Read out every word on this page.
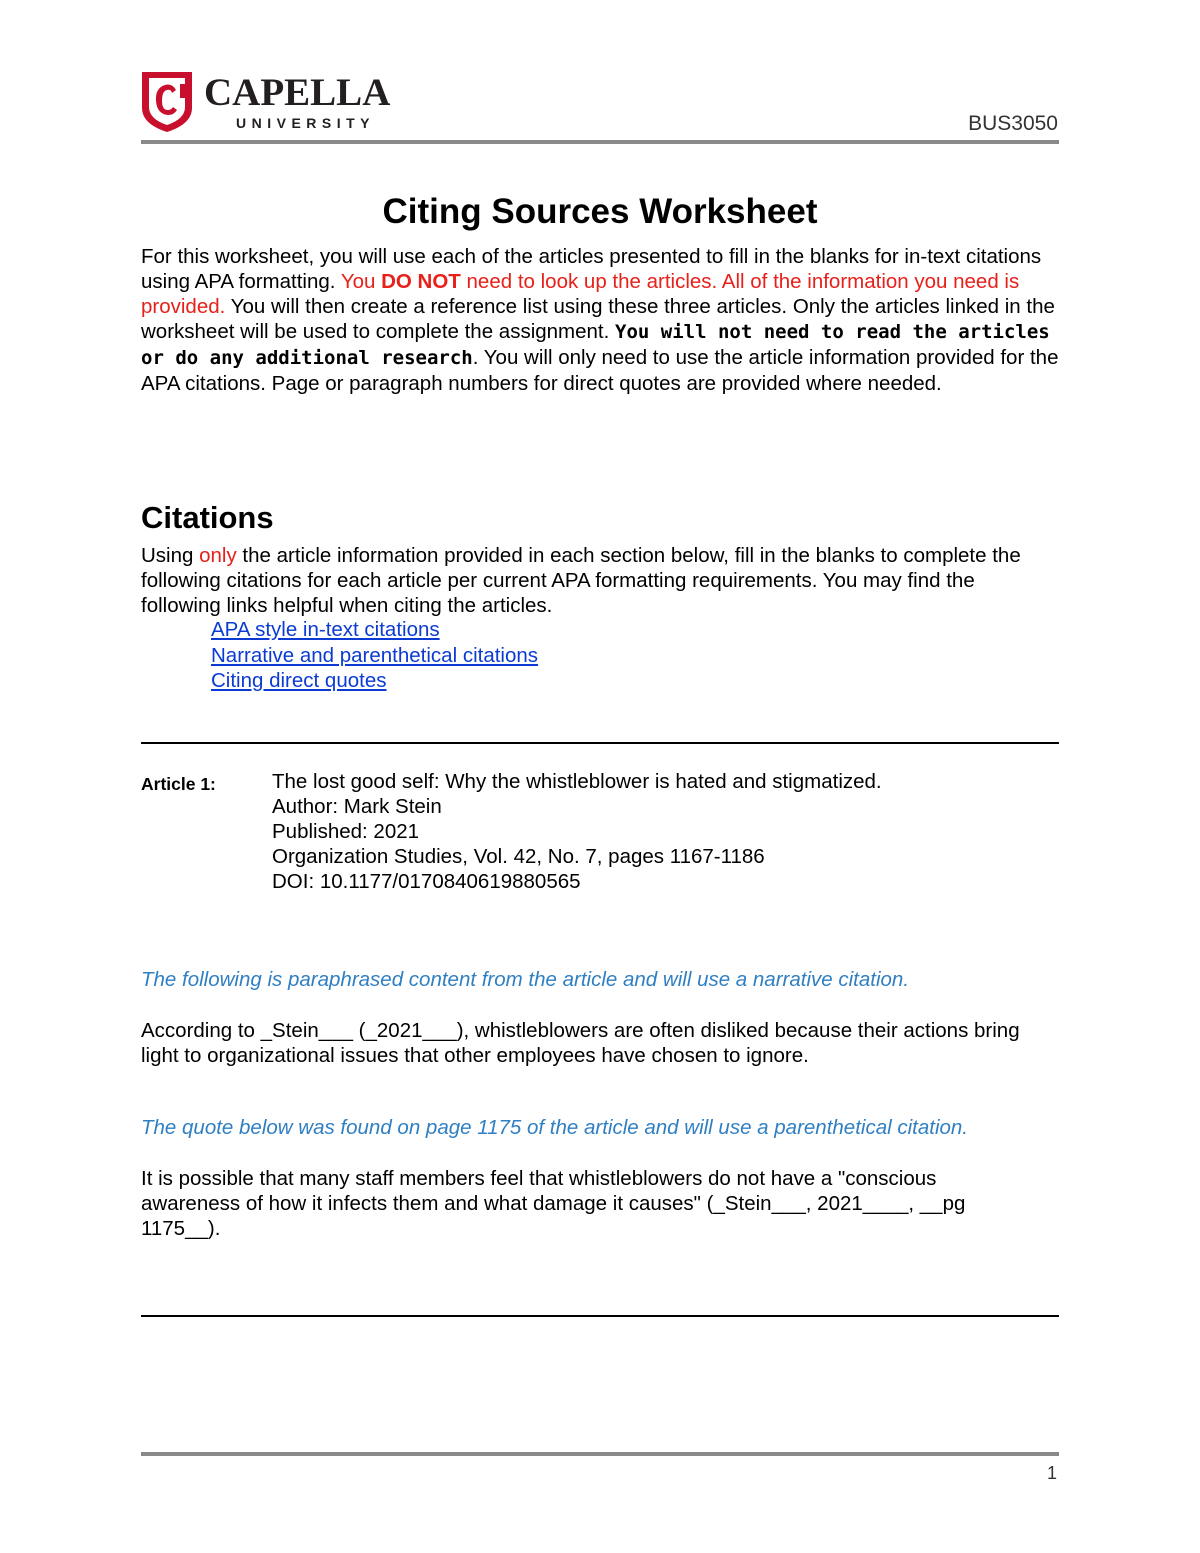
CAPELLA
UNIVERSITY	BUS3050
Citing Sources Worksheet
For this worksheet, you will use each of the articles presented to fill in the blanks for in-text citations using APA formatting. You DO NOT need to look up the articles. All of the information you need is provided. You will then create a reference list using these three articles. Only the articles linked in the worksheet will be used to complete the assignment. You will not need to read the articles or do any additional research. You will only need to use the article information provided for the APA citations. Page or paragraph numbers for direct quotes are provided where needed.
Citations
Using only the article information provided in each section below, fill in the blanks to complete the following citations for each article per current APA formatting requirements. You may find the following links helpful when citing the articles.
APA style in-text citations
Narrative and parenthetical citations
Citing direct quotes
Article 1:	The lost good self: Why the whistleblower is hated and stigmatized.
Author: Mark Stein
Published: 2021
Organization Studies, Vol. 42, No. 7, pages 1167-1186
DOI: 10.1177/0170840619880565
The following is paraphrased content from the article and will use a narrative citation.
According to _Stein___ (_2021___), whistleblowers are often disliked because their actions bring light to organizational issues that other employees have chosen to ignore.
The quote below was found on page 1175 of the article and will use a parenthetical citation.
It is possible that many staff members feel that whistleblowers do not have a "conscious awareness of how it infects them and what damage it causes" (_Stein___, 2021____, __pg 1175__).
1
